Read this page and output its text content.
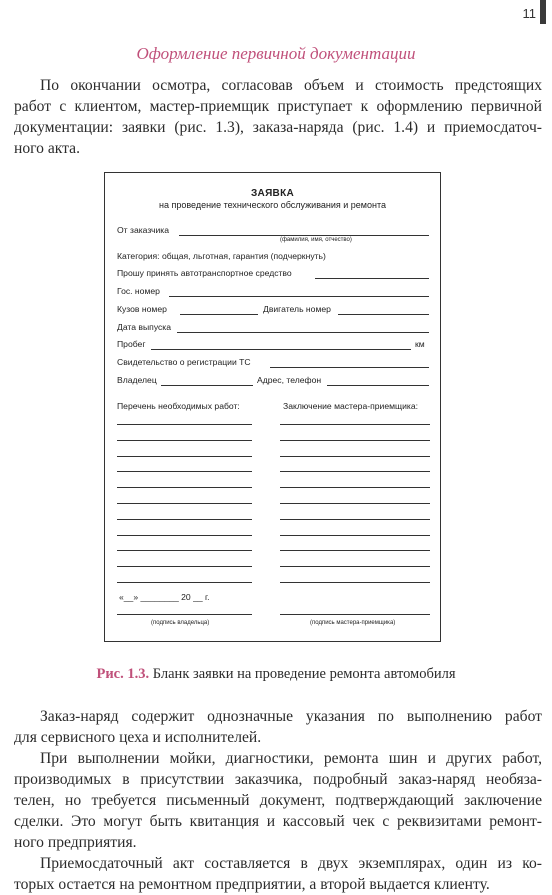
11
Оформление первичной документации
По окончании осмотра, согласовав объем и стоимость предстоящих
работ с клиентом, мастер-приемщик приступает к оформлению первичной
документации: заявки (рис. 1.3), заказа-наряда (рис. 1.4) и приемосдаточ-
ного акта.
ЗАЯВКА
на проведение технического обслуживания и ремонта
От заказчика
(фамилия, имя, отчество)
Категория: общая, льготная, гарантия (подчеркнуть)
Прошу принять автотранспортное средство
Гос. номер
Кузов номер	Двигатель номер
Дата выпуска
Пробег	км
Свидетельство о регистрации ТС
Владелец	Адрес, телефон
Перечень необходимых работ:	Заключение мастера-приемщика:
«__» ________ 20 __ г.
(подпись владельца)	(подпись мастера-приемщика)
Рис. 1.3. Бланк заявки на проведение ремонта автомобиля
Заказ-наряд содержит однозначные указания по выполнению работ
для сервисного цеха и исполнителей.
При выполнении мойки, диагностики, ремонта шин и других работ,
производимых в присутствии заказчика, подробный заказ-наряд необяза-
телен, но требуется письменный документ, подтверждающий заключение
сделки. Это могут быть квитанция и кассовый чек с реквизитами ремонт-
ного предприятия.
Приемосдаточный акт составляется в двух экземплярах, один из ко-
торых остается на ремонтном предприятии, а второй выдается клиенту.
